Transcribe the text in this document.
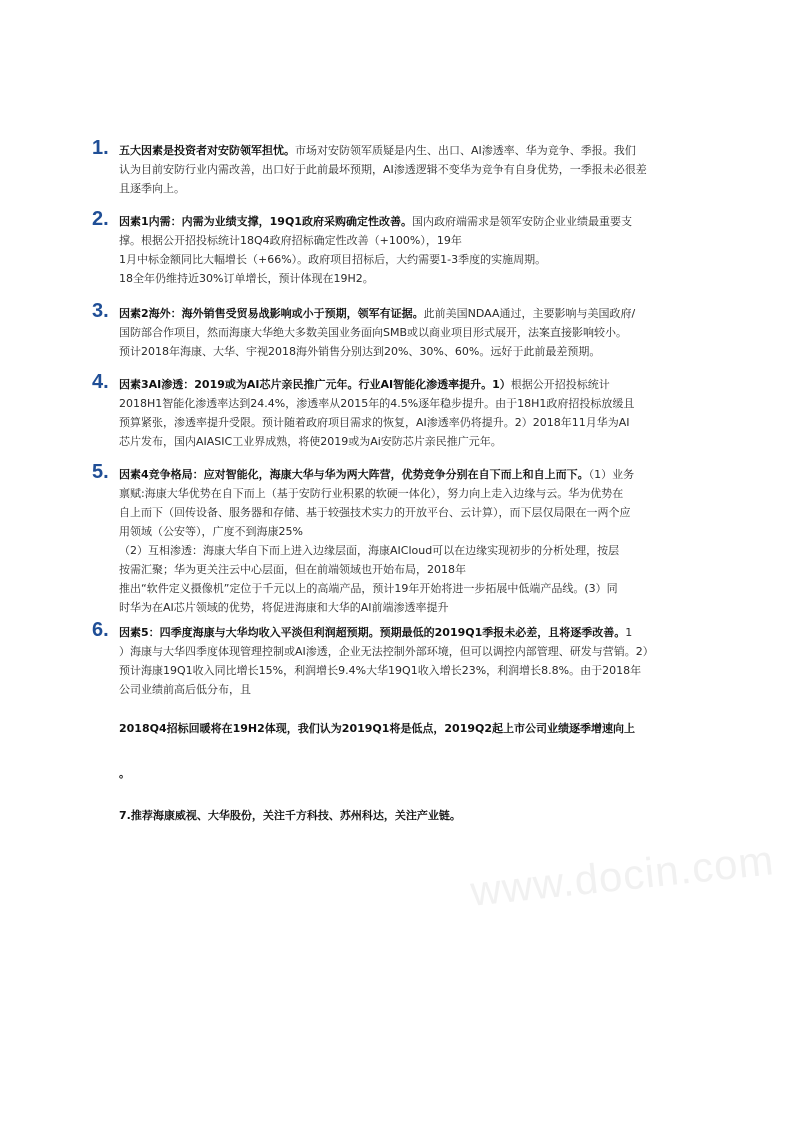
1. 五大因素是投资者对安防领军担忧。市场对安防领军质疑是内生、出口、AI渗透率、华为竞争、季报。我们
认为目前安防行业内需改善，出口好于此前最坏预期，AI渗透逻辑不变华为竞争有自身优势，一季报未必很差
且逐季向上。
2. 因素1内需：内需为业绩支撑，19Q1政府采购确定性改善。国内政府端需求是领军安防企业业绩最重要支
撑。根据公开招投标统计18Q4政府招标确定性改善（+100%），19年
1月中标金额同比大幅增长（+66%）。政府项目招标后，大约需要1-3季度的实施周期。
18全年仍维持近30%订单增长，预计体现在19H2。
3. 因素2海外：海外销售受贸易战影响或小于预期，领军有证据。此前美国NDAA通过，主要影响与美国政府/
国防部合作项目，然而海康大华绝大多数美国业务面向SMB或以商业项目形式展开，法案直接影响较小。
预计2018年海康、大华、宇视2018海外销售分别达到20%、30%、60%。远好于此前最差预期。
4. 因素3AI渗透：2019或为AI芯片亲民推广元年。行业AI智能化渗透率提升。1）根据公开招投标统计
2018H1智能化渗透率达到24.4%，渗透率从2015年的4.5%逐年稳步提升。由于18H1政府招投标放缓且
预算紧张，渗透率提升受限。预计随着政府项目需求的恢复，AI渗透率仍将提升。2）2018年11月华为AI
芯片发布，国内AIASIC工业界成熟，将使2019或为Ai安防芯片亲民推广元年。
5. 因素4竞争格局：应对智能化，海康大华与华为两大阵营，优势竞争分别在自下而上和自上而下。（1）业务
禀赋:海康大华优势在自下而上（基于安防行业积累的软硬一体化），努力向上走入边缘与云。华为优势在
自上而下（回传设备、服务器和存储、基于较强技术实力的开放平台、云计算），而下层仅局限在一两个应
用领域（公安等），广度不到海康25%
（2）互相渗透：海康大华自下而上进入边缘层面，海康AICloud可以在边缘实现初步的分析处理，按层
按需汇聚；华为更关注云中心层面，但在前端领域也开始布局，2018年
推出“软件定义摄像机”定位于千元以上的高端产品，预计19年开始将进一步拓展中低端产品线。(3）同
时华为在AI芯片领域的优势，将促进海康和大华的AI前端渗透率提升
6. 因素5：四季度海康与大华均收入平淡但利润超预期。预期最低的2019Q1季报未必差，且将逐季改善。1
）海康与大华四季度体现管理控制或AI渗透，企业无法控制外部环境，但可以调控内部管理、研发与营销。2）
预计海康19Q1收入同比增长15%，利润增长9.4%大华19Q1收入增长23%，利润增长8.8%。由于2018年
公司业绩前高后低分布，且
2018Q4招标回暖将在19H2体现，我们认为2019Q1将是低点，2019Q2起上市公司业绩逐季增速向上
。
7.推荐海康威视、大华股份，关注千方科技、苏州科达，关注产业链。
www.docin.com
